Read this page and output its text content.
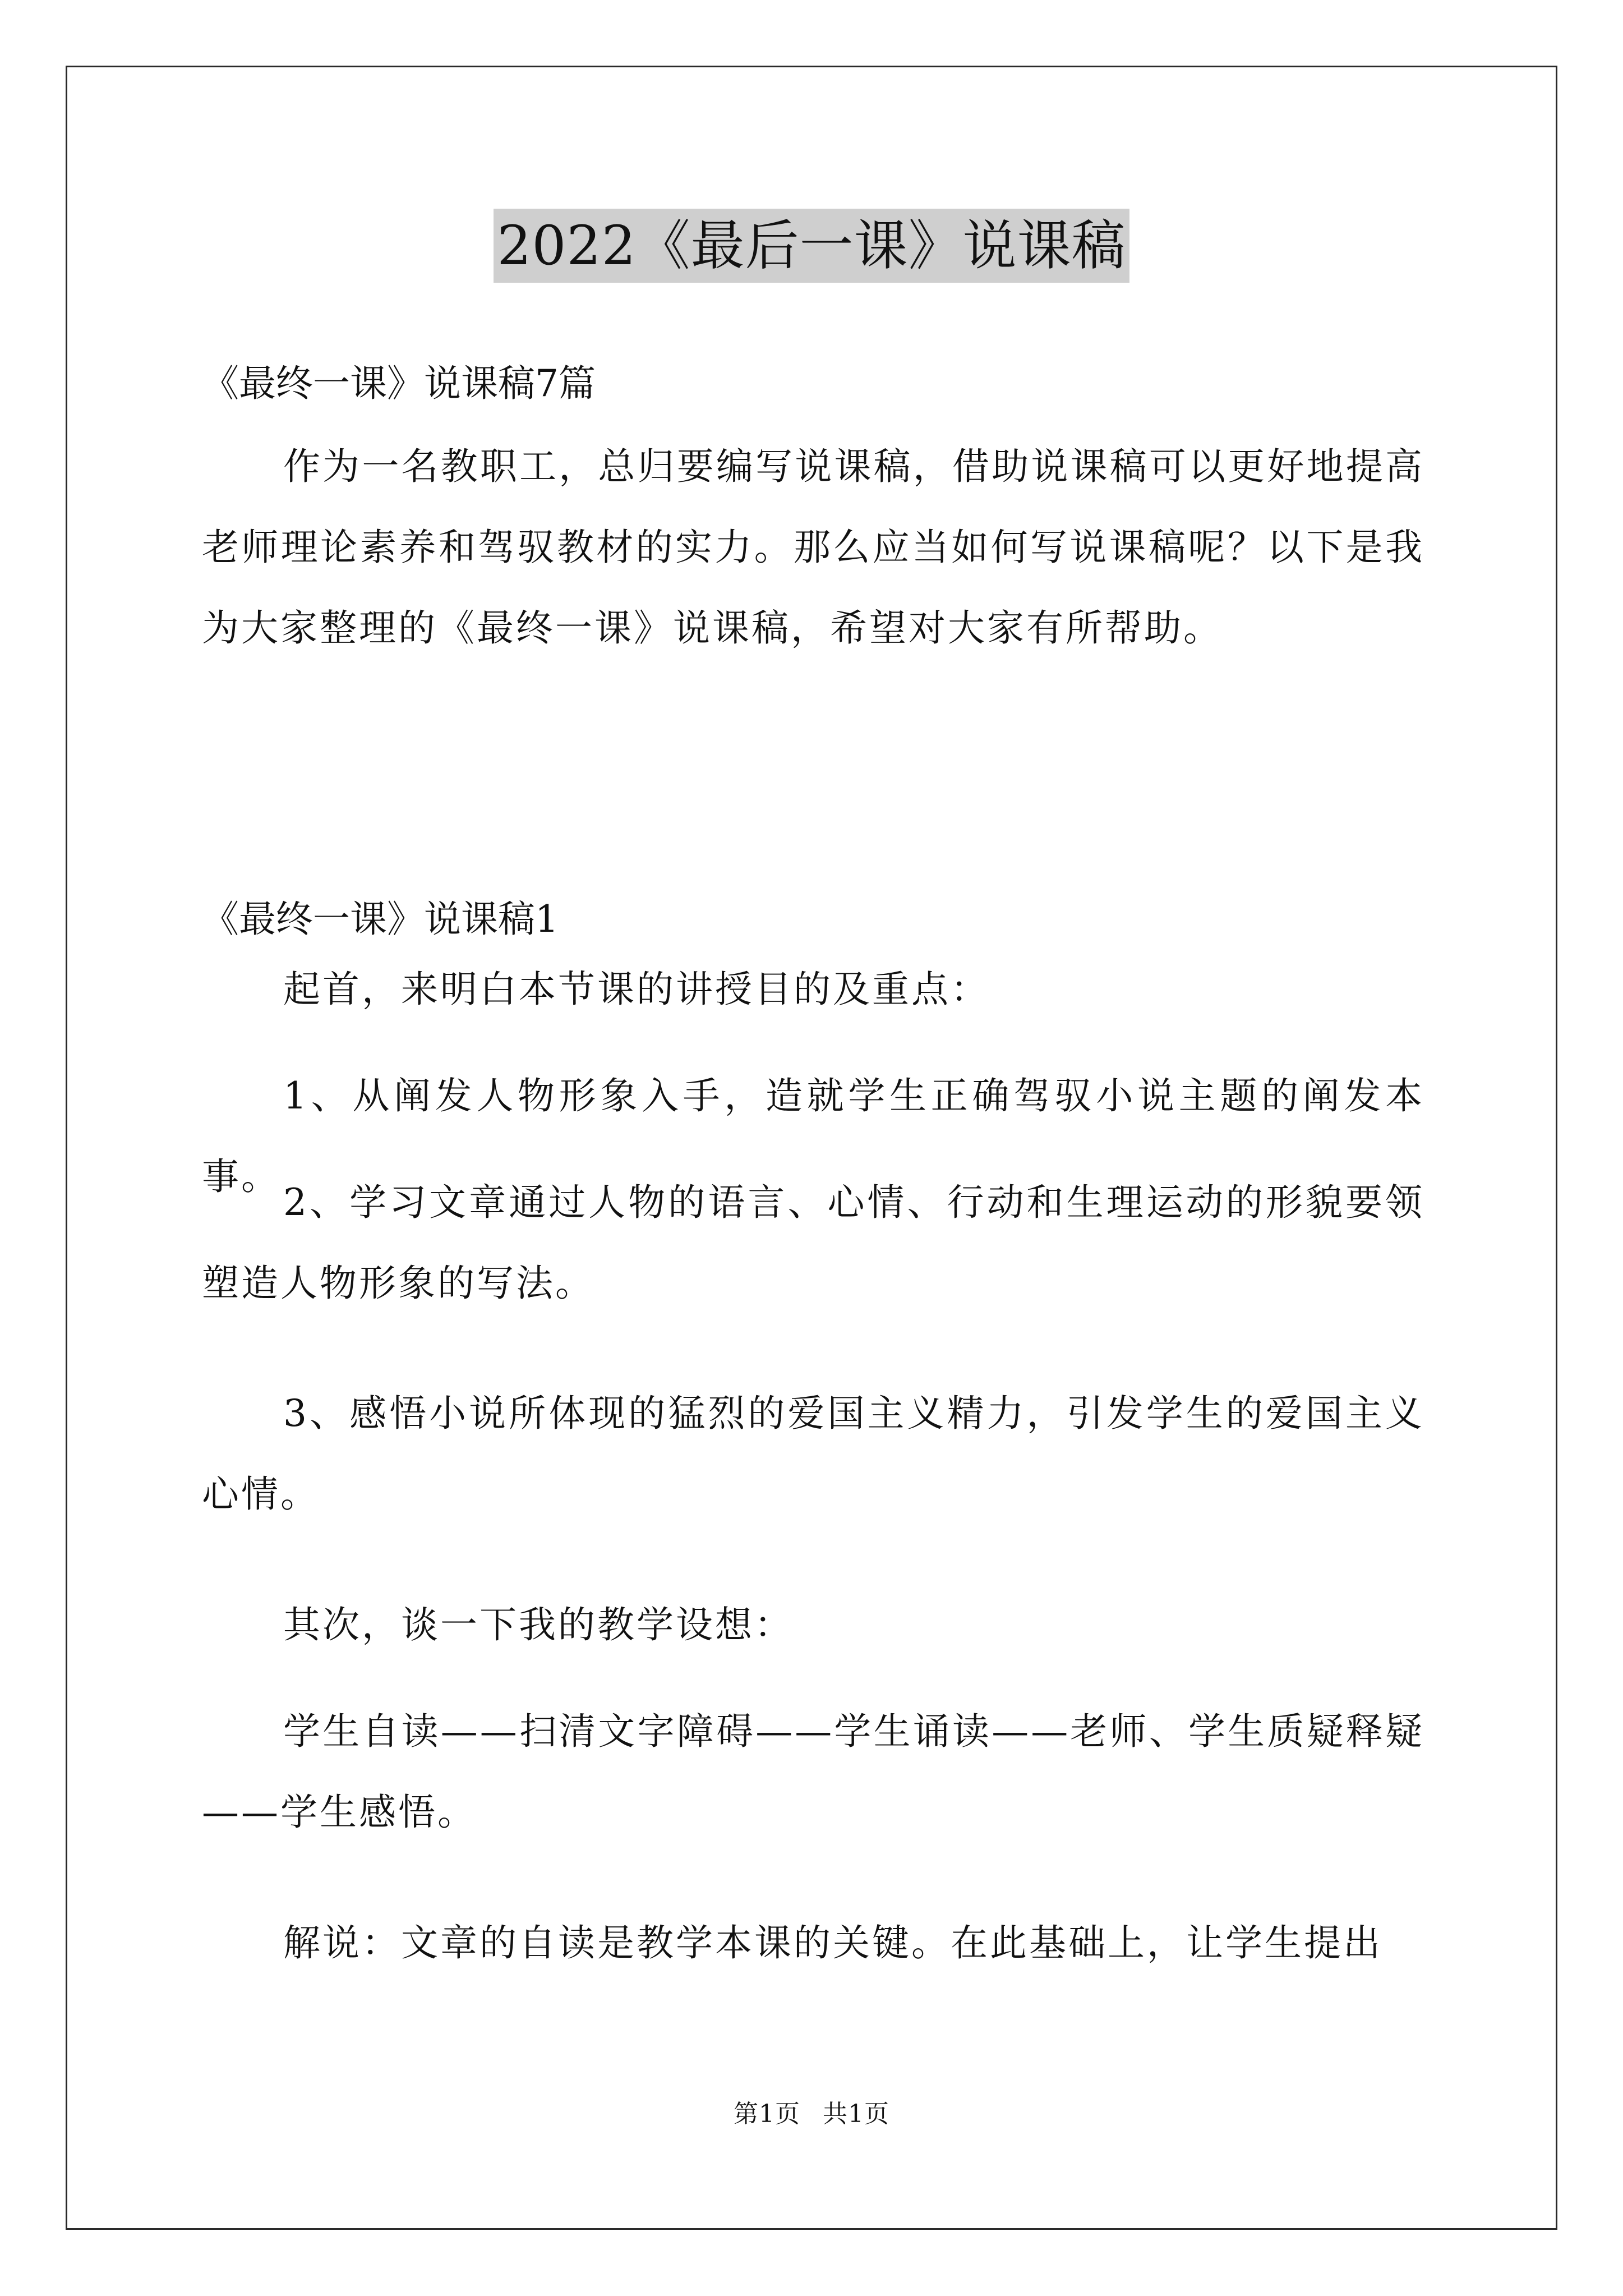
2022《最后一课》说课稿
《最终一课》说课稿7篇
作为一名教职工，总归要编写说课稿，借助说课稿可以更好地提高老师理论素养和驾驭教材的实力。那么应当如何写说课稿呢？以下是我为大家整理的《最终一课》说课稿，希望对大家有所帮助。
《最终一课》说课稿1
起首，来明白本节课的讲授目的及重点：
1、从阐发人物形象入手，造就学生正确驾驭小说主题的阐发本事。
2、学习文章通过人物的语言、心情、行动和生理运动的形貌要领塑造人物形象的写法。
3、感悟小说所体现的猛烈的爱国主义精力，引发学生的爱国主义心情。
其次，谈一下我的教学设想：
学生自读——扫清文字障碍——学生诵读——老师、学生质疑释疑——学生感悟。
解说：文章的自读是教学本课的关键。在此基础上，让学生提出
第1页 共1页
